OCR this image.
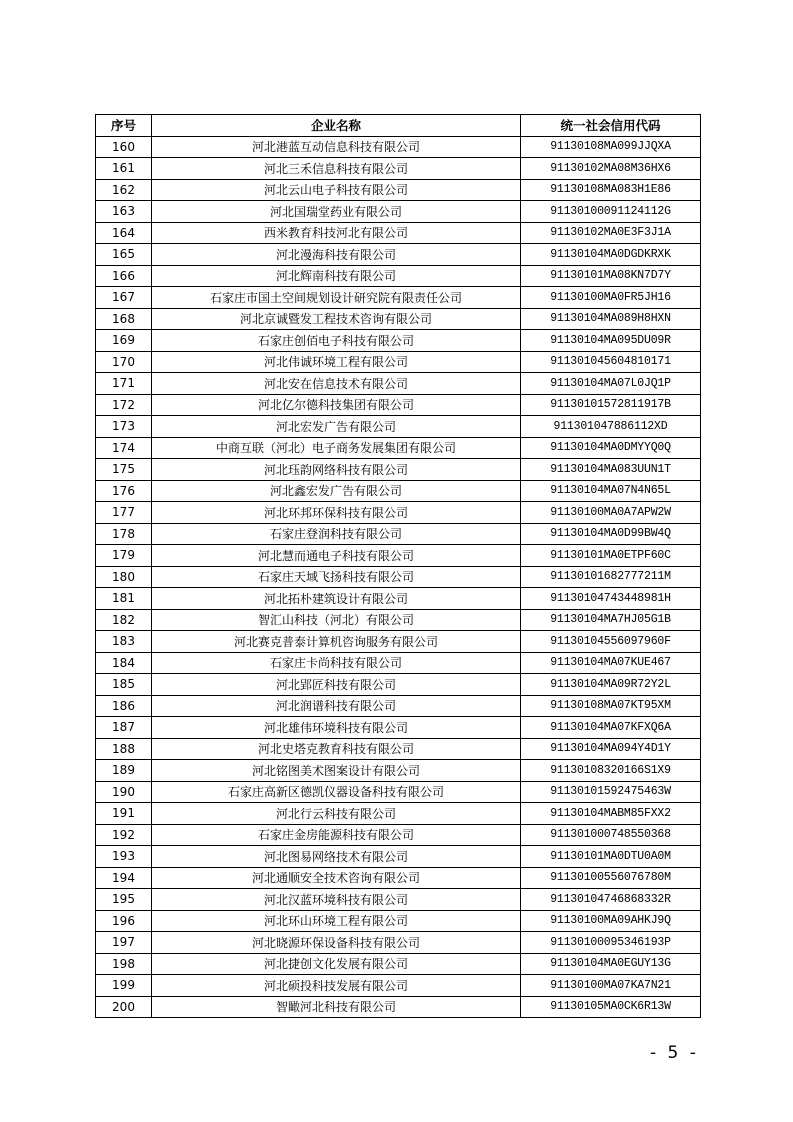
序号	企业名称	统一社会信用代码
160	河北港蓝互动信息科技有限公司	91130108MA099JJQXA
161	河北三禾信息科技有限公司	91130102MA08M36HX6
162	河北云山电子科技有限公司	91130108MA083H1E86
163	河北国瑞堂药业有限公司	91130100091124112G
164	西米教育科技河北有限公司	91130102MA0E3F3J1A
165	河北漫海科技有限公司	91130104MA0DGDKRXK
166	河北辉南科技有限公司	91130101MA08KN7D7Y
167	石家庄市国土空间规划设计研究院有限责任公司	91130100MA0FR5JH16
168	河北京诚暨发工程技术咨询有限公司	91130104MA089H8HXN
169	石家庄创佰电子科技有限公司	91130104MA095DU09R
170	河北伟诚环境工程有限公司	911301045604810171
171	河北安在信息技术有限公司	91130104MA07L0JQ1P
172	河北亿尔德科技集团有限公司	91130101572811917B
173	河北宏发广告有限公司	911301047886112XD
174	中商互联（河北）电子商务发展集团有限公司	91130104MA0DMYYQ0Q
175	河北珏韵网络科技有限公司	91130104MA083UUN1T
176	河北鑫宏发广告有限公司	91130104MA07N4N65L
177	河北环邦环保科技有限公司	91130100MA0A7APW2W
178	石家庄登润科技有限公司	91130104MA0D99BW4Q
179	河北慧而通电子科技有限公司	91130101MA0ETPF60C
180	石家庄天域飞扬科技有限公司	91130101682777211M
181	河北拓朴建筑设计有限公司	91130104743448981H
182	智汇山科技（河北）有限公司	91130104MA7HJ05G1B
183	河北赛克普泰计算机咨询服务有限公司	91130104556097960F
184	石家庄卡尚科技有限公司	91130104MA07KUE467
185	河北郢匠科技有限公司	91130104MA09R72Y2L
186	河北润谱科技有限公司	91130108MA07KT95XM
187	河北雄伟环境科技有限公司	91130104MA07KFXQ6A
188	河北史塔克教育科技有限公司	91130104MA094Y4D1Y
189	河北铭图美术图案设计有限公司	91130108320166S1X9
190	石家庄高新区德凯仪器设备科技有限公司	91130101592475463W
191	河北行云科技有限公司	91130104MABM85FXX2
192	石家庄金房能源科技有限公司	911301000748550368
193	河北图易网络技术有限公司	91130101MA0DTU0A0M
194	河北通顺安全技术咨询有限公司	91130100556076780M
195	河北汉蓝环境科技有限公司	91130104746868332R
196	河北环山环境工程有限公司	91130100MA09AHKJ9Q
197	河北晓源环保设备科技有限公司	91130100095346193P
198	河北捷创文化发展有限公司	91130104MA0EGUY13G
199	河北硕投科技发展有限公司	91130100MA07KA7N21
200	智瞰河北科技有限公司	91130105MA0CK6R13W
- 5 -
